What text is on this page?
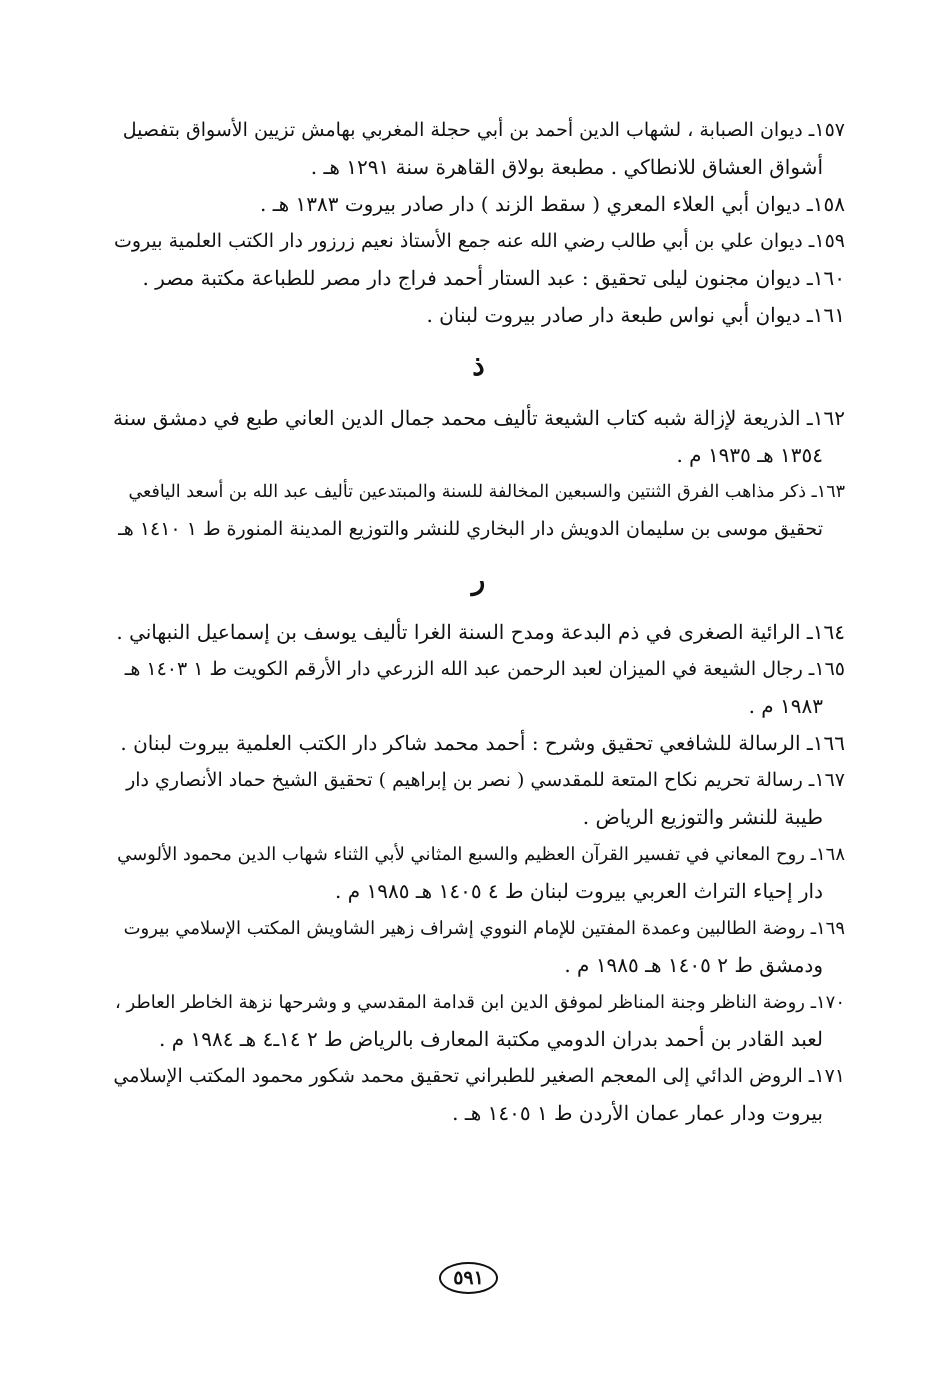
١٥٧ـ ديوان الصبابة ، لشهاب الدين أحمد بن أبي حجلة المغربي بهامش تزيين الأسواق بتفصيل

أشواق العشاق للانطاكي . مطبعة بولاق القاهرة سنة ١٢٩١ هـ .

١٥٨ـ ديوان أبي العلاء المعري ( سقط الزند ) دار صادر بيروت ١٣٨٣ هـ .

١٥٩ـ ديوان علي بن أبي طالب رضي الله عنه جمع الأستاذ نعيم زرزور دار الكتب العلمية بيروت

١٦٠ـ ديوان مجنون ليلى تحقيق : عبد الستار أحمد فراج دار مصر للطباعة مكتبة مصر .

١٦١ـ ديوان أبي نواس طبعة دار صادر بيروت لبنان .

ذ

١٦٢ـ الذريعة لإزالة شبه كتاب الشيعة تأليف محمد جمال الدين العاني طبع في دمشق سنة

١٣٥٤ هـ ١٩٣٥ م .

١٦٣ـ ذكر مذاهب الفرق الثنتين والسبعين المخالفة للسنة والمبتدعين تأليف عبد الله بن أسعد اليافعي

تحقيق موسى بن سليمان الدويش دار البخاري للنشر والتوزيع المدينة المنورة ط ١ ١٤١٠ هـ

ر

١٦٤ـ الرائية الصغرى في ذم البدعة ومدح السنة الغرا تأليف يوسف بن إسماعيل النبهاني .

١٦٥ـ رجال الشيعة في الميزان لعبد الرحمن عبد الله الزرعي دار الأرقم الكويت ط ١ ١٤٠٣ هـ

١٩٨٣ م .

١٦٦ـ الرسالة للشافعي تحقيق وشرح : أحمد محمد شاكر دار الكتب العلمية بيروت لبنان .

١٦٧ـ رسالة تحريم نكاح المتعة للمقدسي ( نصر بن إبراهيم ) تحقيق الشيخ حماد الأنصاري دار

طيبة للنشر والتوزيع الرياض .

١٦٨ـ روح المعاني في تفسير القرآن العظيم والسبع المثاني لأبي الثناء شهاب الدين محمود الألوسي

دار إحياء التراث العربي بيروت لبنان ط ٤ ١٤٠٥ هـ ١٩٨٥ م .

١٦٩ـ روضة الطالبين وعمدة المفتين للإمام النووي إشراف زهير الشاويش المكتب الإسلامي بيروت

ودمشق ط ٢ ١٤٠٥ هـ ١٩٨٥ م .

١٧٠ـ روضة الناظر وجنة المناظر لموفق الدين ابن قدامة المقدسي و وشرحها نزهة الخاطر العاطر ،

لعبد القادر بن أحمد بدران الدومي مكتبة المعارف بالرياض ط ٢ ١٤ـ٤ هـ ١٩٨٤ م .

١٧١ـ الروض الدائي إلى المعجم الصغير للطبراني تحقيق محمد شكور محمود المكتب الإسلامي

بيروت ودار عمار عمان الأردن ط ١ ١٤٠٥ هـ .

٥٩١
